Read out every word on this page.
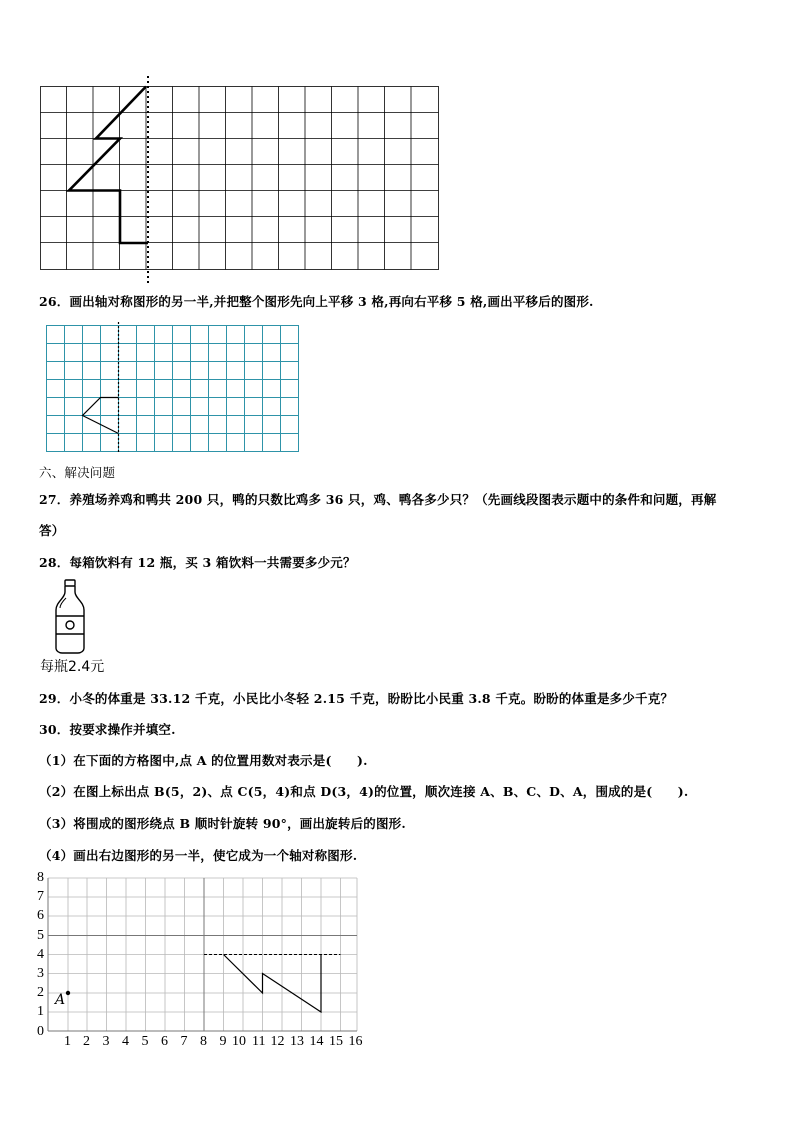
26．画出轴对称图形的另一半,并把整个图形先向上平移 3 格,再向右平移 5 格,画出平移后的图形.
六、解决问题
27．养殖场养鸡和鸭共 200 只，鸭的只数比鸡多 36 只，鸡、鸭各多少只？（先画线段图表示题中的条件和问题，再解
答）
28．每箱饮料有 12 瓶，买 3 箱饮料一共需要多少元？
每瓶2.4元
29．小冬的体重是 33.12 千克，小民比小冬轻 2.15 千克，盼盼比小民重 3.8 千克。盼盼的体重是多少千克？
30．按要求操作并填空.
（1）在下面的方格图中,点 A 的位置用数对表示是(　　).
（2）在图上标出点 B(5，2)、点 C(5，4)和点 D(3，4)的位置，顺次连接 A、B、C、D、A，围成的是(　　).
（3）将围成的图形绕点 B 顺时针旋转 90°，画出旋转后的图形.
（4）画出右边图形的另一半，使它成为一个轴对称图形.
A
0
8
7
6
5
4
3
2
1
1 2 3 4 5 6 7 8 9 10 11 12 13 14 15 16
